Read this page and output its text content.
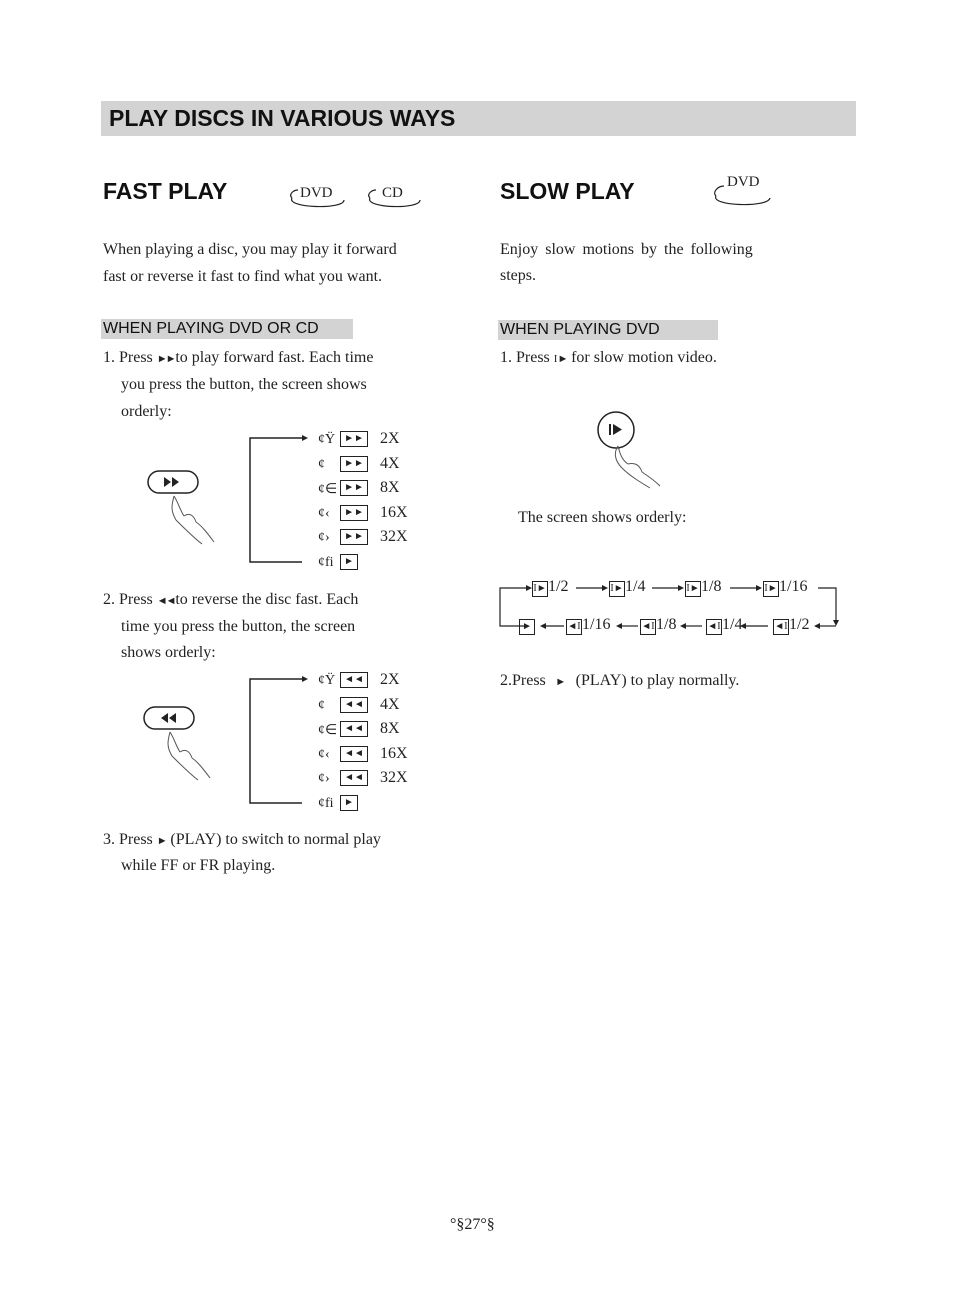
PLAY DISCS IN VARIOUS WAYS
FAST PLAY	DVD	CD
When playing a disc, you may play it forward
fast or reverse it fast to find what you want.
WHEN PLAYING DVD OR CD
1. Press ►► to play forward fast. Each time
you press the button, the screen shows
orderly:
¢Ÿ ►► 2X
¢	►► 4X
¢∈ ►► 8X
¢‹	►► 16X
¢›	►► 32X
¢fi	►
2. Press ◄◄ to reverse the disc fast. Each
time you press the button, the screen
shows orderly:
¢Ÿ ◄◄ 2X
¢	◄◄ 4X
¢∈ ◄◄ 8X
¢‹	◄◄ 16X
¢›	◄◄ 32X
¢fi	►
3. Press ► (PLAY) to switch to normal play
while FF or FR playing.
SLOW PLAY	DVD
Enjoy slow motions by the following
steps.
WHEN PLAYING DVD
1. Press I► for slow motion video.
The screen shows orderly:
I►1/2	I►1/4	I►1/8	I►1/16
►	◄I1/16	◄I1/8	◄I1/4	◄I1/2
2.Press   ►   (PLAY) to play normally.
°§27°§
